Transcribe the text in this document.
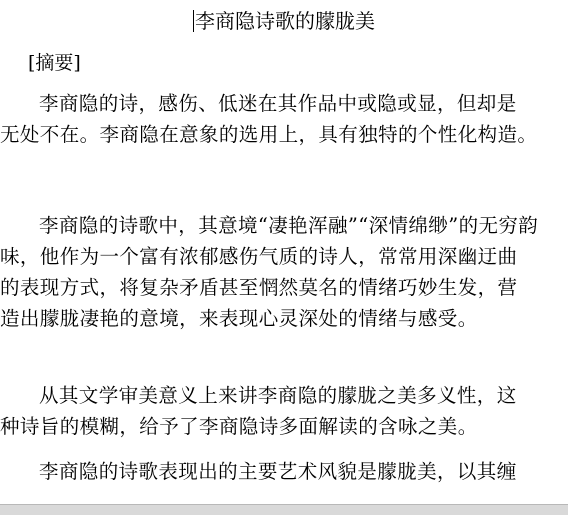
李商隐诗歌的朦胧美
[摘要]
李商隐的诗，感伤、低迷在其作品中或隐或显，但却是
无处不在。李商隐在意象的选用上，具有独特的个性化构造。
李商隐的诗歌中，其意境“凄艳浑融”“深情绵缈”的无穷韵
味，他作为一个富有浓郁感伤气质的诗人，常常用深幽迂曲
的表现方式，将复杂矛盾甚至惘然莫名的情绪巧妙生发，营
造出朦胧凄艳的意境，来表现心灵深处的情绪与感受。
从其文学审美意义上来讲李商隐的朦胧之美多义性，这
种诗旨的模糊，给予了李商隐诗多面解读的含咏之美。
李商隐的诗歌表现出的主要艺术风貌是朦胧美，以其缠
